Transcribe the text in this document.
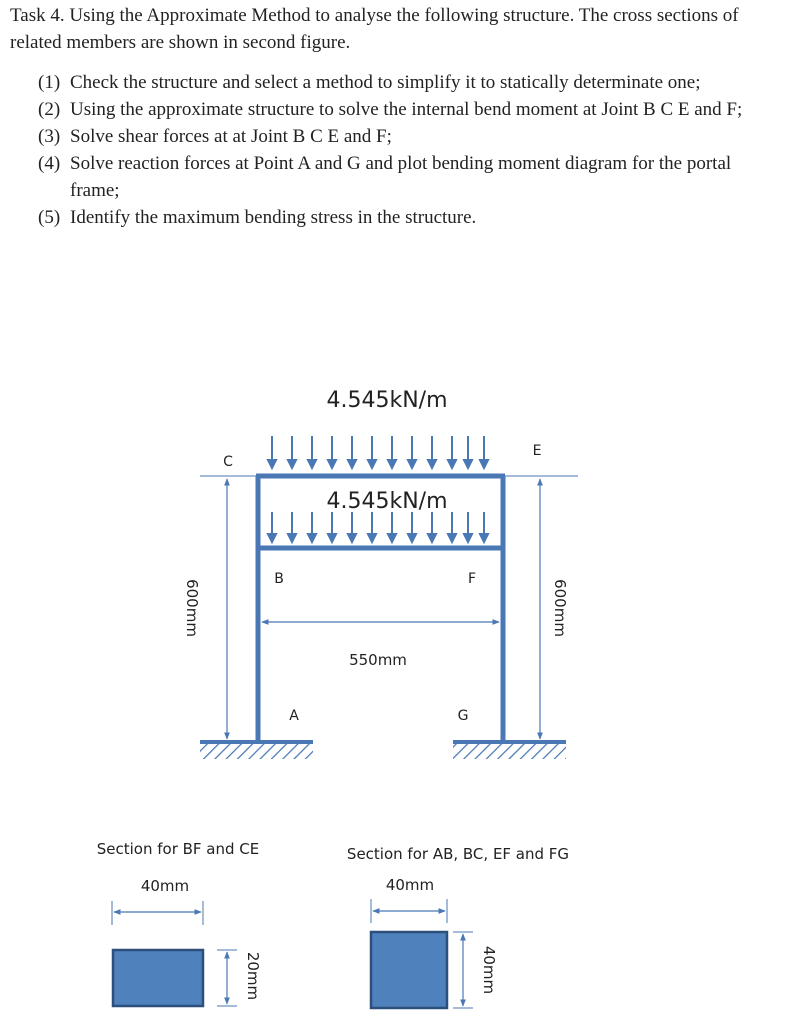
Task 4. Using the Approximate Method to analyse the following structure. The cross sections of related members are shown in second figure.
(1) Check the structure and select a method to simplify it to statically determinate one;
(2) Using the approximate structure to solve the internal bend moment at Joint B C E and F;
(3) Solve shear forces at at Joint B C E and F;
(4) Solve reaction forces at Point A and G and plot bending moment diagram for the portal frame;
(5) Identify the maximum bending stress in the structure.
4.545kN/m
4.545kN/m
600mm	600mm
550mm
C
E
B	F
A	G
Section for BF and CE
40mm
20mm
Section for AB, BC, EF and FG
40mm
40mm
